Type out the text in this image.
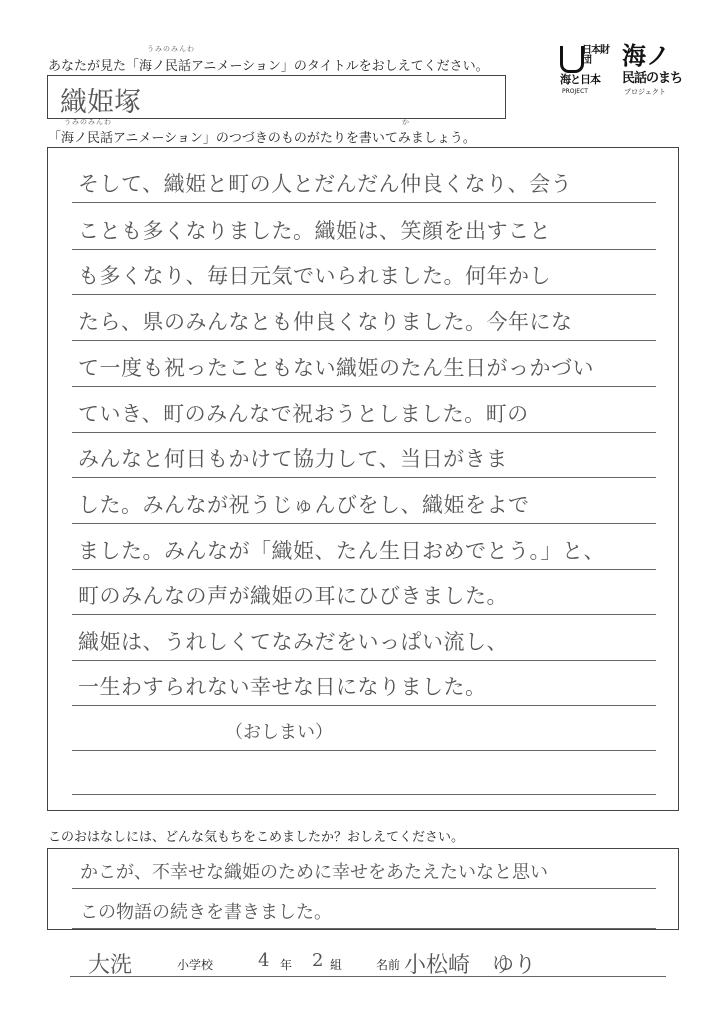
うみのみんわ
あなたが見た「海ノ民話アニメーション」のタイトルをおしえてください。
日本財団
海と日本
PROJECT
海ノ
民話のまち
プロジェクト
織姫塚
うみのみんわ	か
「海ノ民話アニメーション」のつづきのものがたりを書いてみましょう。
そして、織姫と町の人とだんだん仲良くなり、会う
ことも多くなりました。織姫は、笑顔を出すこと
も多くなり、毎日元気でいられました。何年かし
たら、県のみんなとも仲良くなりました。今年にな
て一度も祝ったこともない織姫のたん生日がっかづい
ていき、町のみんなで祝おうとしました。町の
みんなと何日もかけて協力して、当日がきま
した。みんなが祝うじゅんびをし、織姫をよで
ました。みんなが「織姫、たん生日おめでとう。」と、
町のみんなの声が織姫の耳にひびきました。
織姫は、うれしくてなみだをいっぱい流し、
一生わすられない幸せな日になりました。
（おしまい）
このおはなしには、どんな気もちをこめましたか？おしえてください。
かこが、不幸せな織姫のために幸せをあたえたいなと思い
この物語の続きを書きました。
大洗	小学校 4 年 2 組	名前 小松崎　ゆり
